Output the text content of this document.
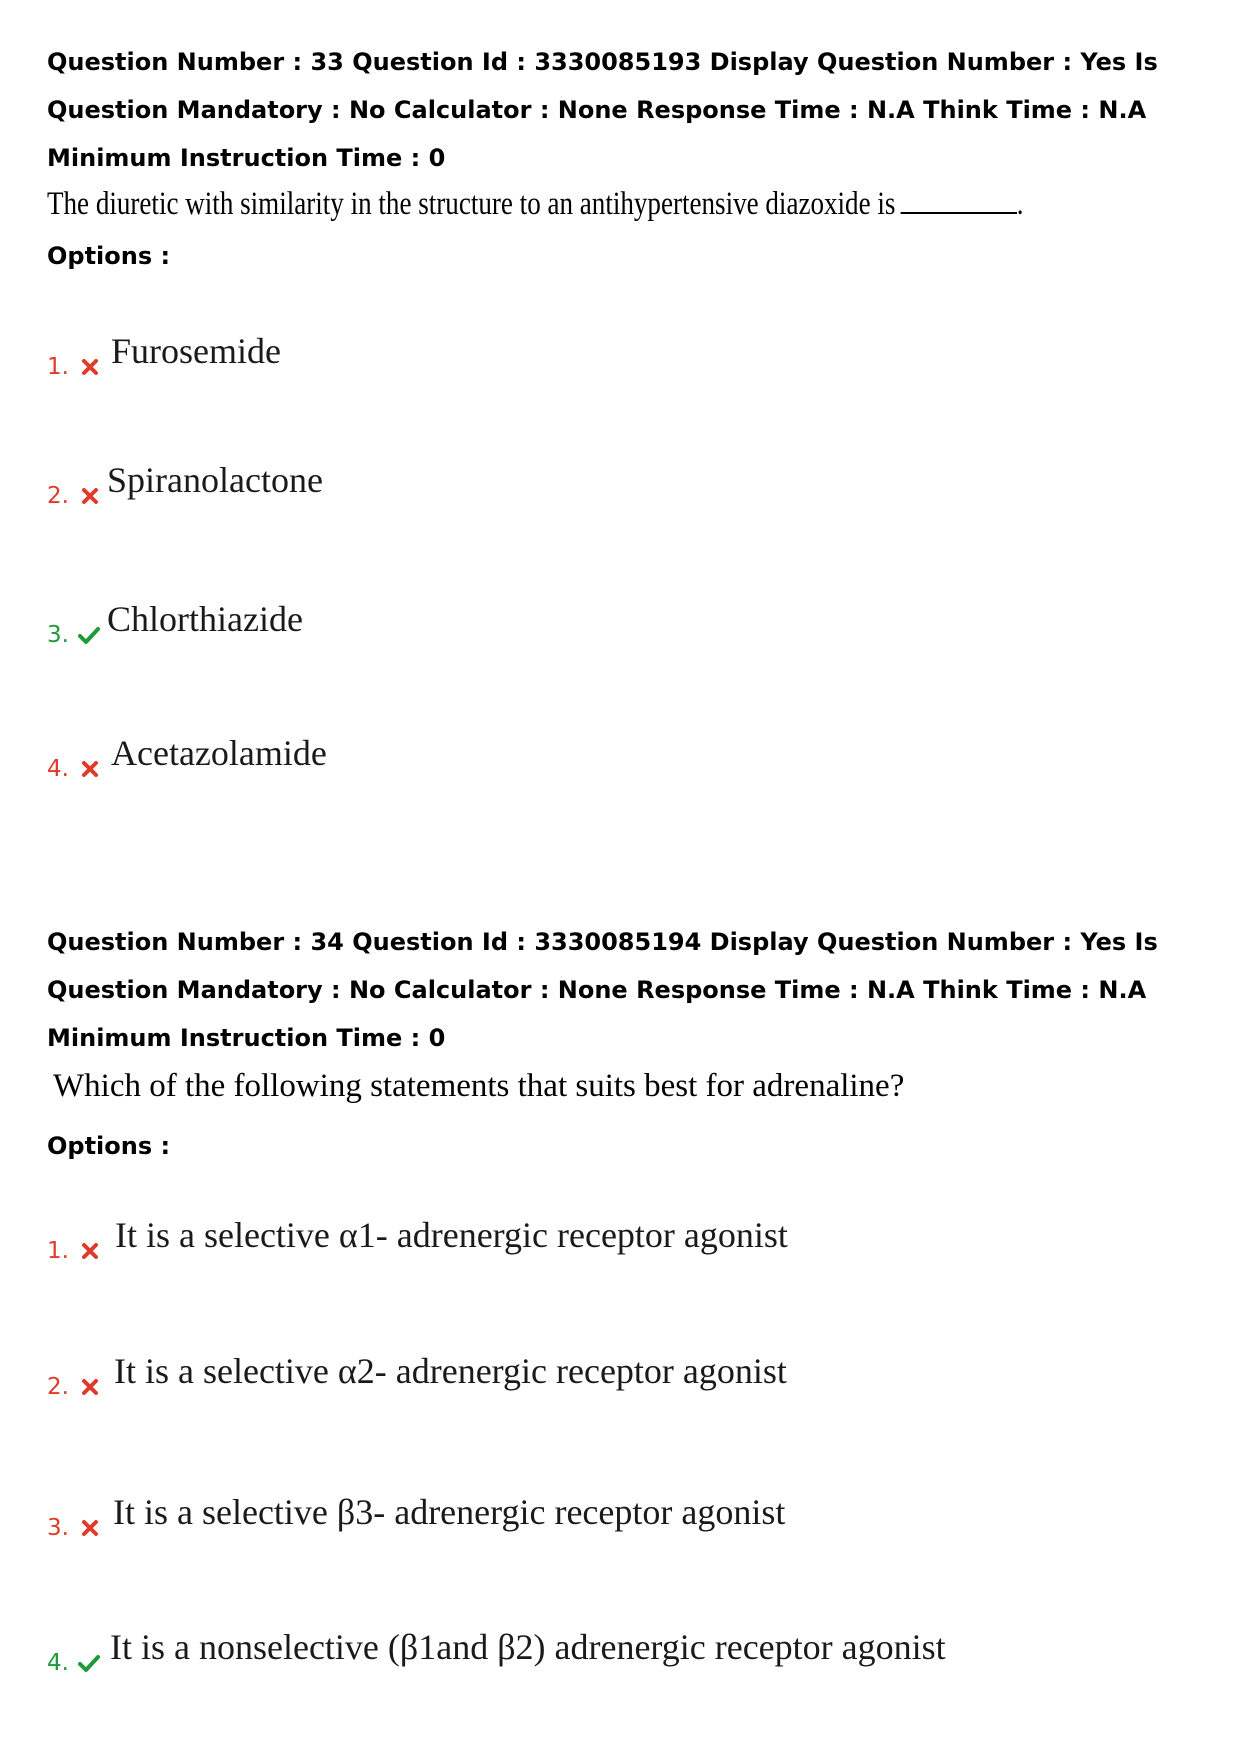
Question Number : 33 Question Id : 3330085193 Display Question Number : Yes Is Question Mandatory : No Calculator : None Response Time : N.A Think Time : N.A Minimum Instruction Time : 0

The diuretic with similarity in the structure to an antihypertensive diazoxide is	.
Options :
1. Furosemide
2. Spiranolactone
3. Chlorthiazide
4. Acetazolamide

Question Number : 34 Question Id : 3330085194 Display Question Number : Yes Is Question Mandatory : No Calculator : None Response Time : N.A Think Time : N.A Minimum Instruction Time : 0

Which of the following statements that suits best for adrenaline?
Options :
1. It is a selective α1- adrenergic receptor agonist
2. It is a selective α2- adrenergic receptor agonist
3. It is a selective β3- adrenergic receptor agonist
4. It is a nonselective (β1and β2) adrenergic receptor agonist
